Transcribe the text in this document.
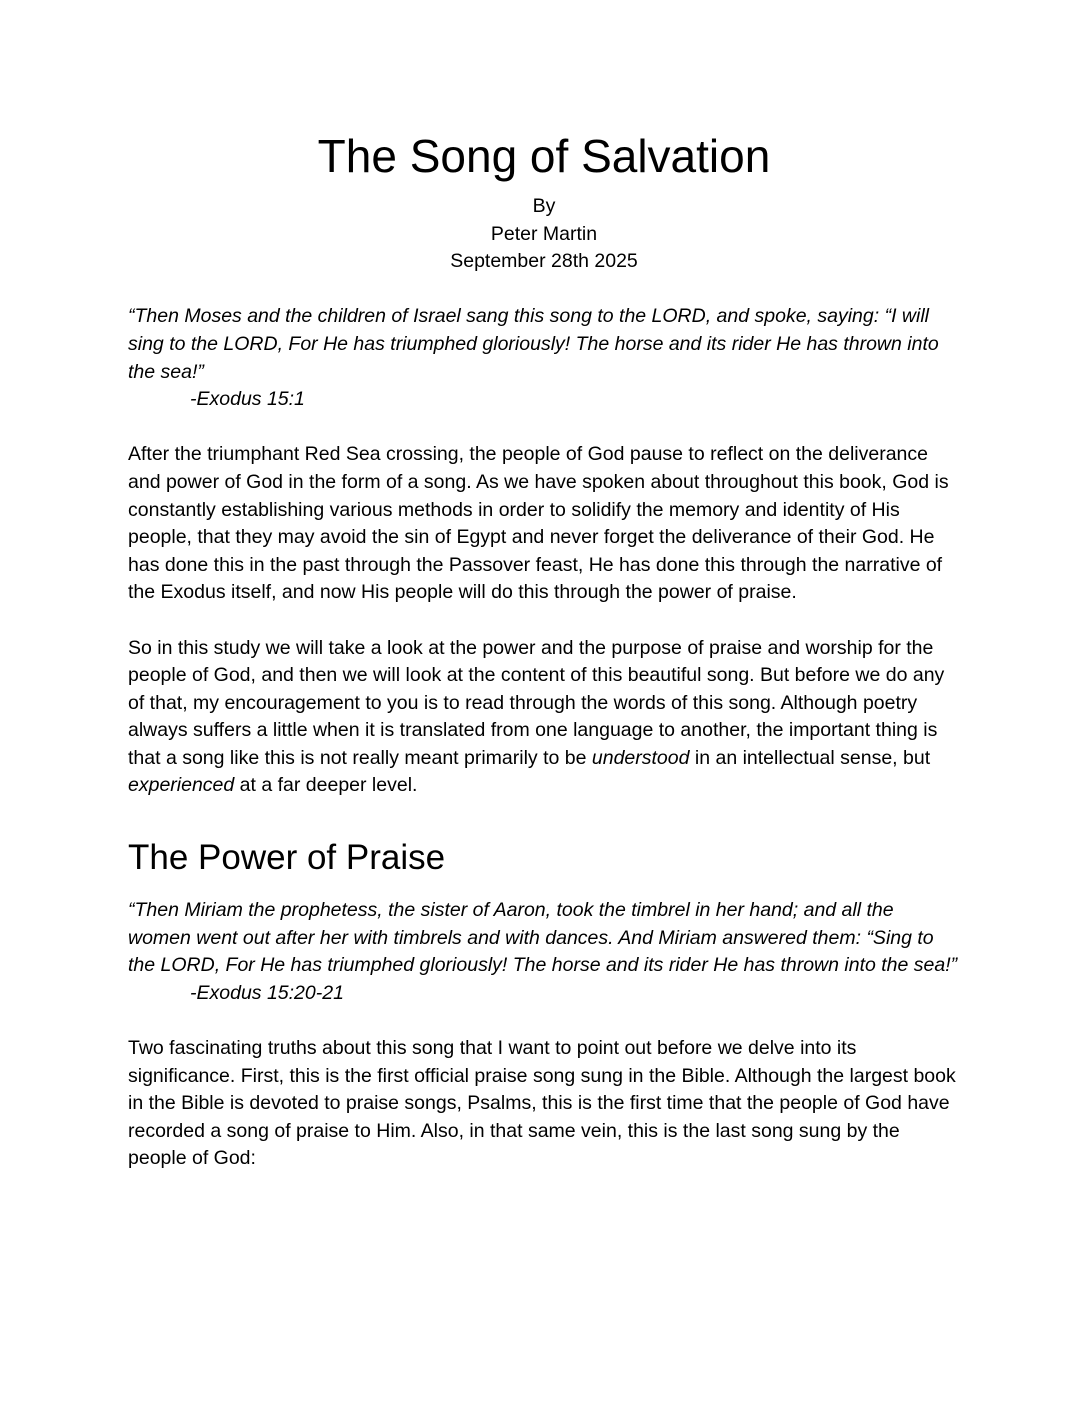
The Song of Salvation

By

Peter Martin

September 28th 2025

“Then Moses and the children of Israel sang this song to the LORD, and spoke, saying: “I will sing to the LORD, For He has triumphed gloriously! The horse and its rider He has thrown into the sea!”

-Exodus 15:1

After the triumphant Red Sea crossing, the people of God pause to reflect on the deliverance and power of God in the form of a song. As we have spoken about throughout this book, God is constantly establishing various methods in order to solidify the memory and identity of His people, that they may avoid the sin of Egypt and never forget the deliverance of their God. He has done this in the past through the Passover feast, He has done this through the narrative of the Exodus itself, and now His people will do this through the power of praise.

So in this study we will take a look at the power and the purpose of praise and worship for the people of God, and then we will look at the content of this beautiful song. But before we do any of that, my encouragement to you is to read through the words of this song. Although poetry always suffers a little when it is translated from one language to another, the important thing is that a song like this is not really meant primarily to be understood in an intellectual sense, but experienced at a far deeper level.

The Power of Praise

“Then Miriam the prophetess, the sister of Aaron, took the timbrel in her hand; and all the women went out after her with timbrels and with dances. And Miriam answered them: “Sing to the LORD, For He has triumphed gloriously! The horse and its rider He has thrown into the sea!”

-Exodus 15:20-21

Two fascinating truths about this song that I want to point out before we delve into its significance. First, this is the first official praise song sung in the Bible. Although the largest book in the Bible is devoted to praise songs, Psalms, this is the first time that the people of God have recorded a song of praise to Him. Also, in that same vein, this is the last song sung by the people of God:
